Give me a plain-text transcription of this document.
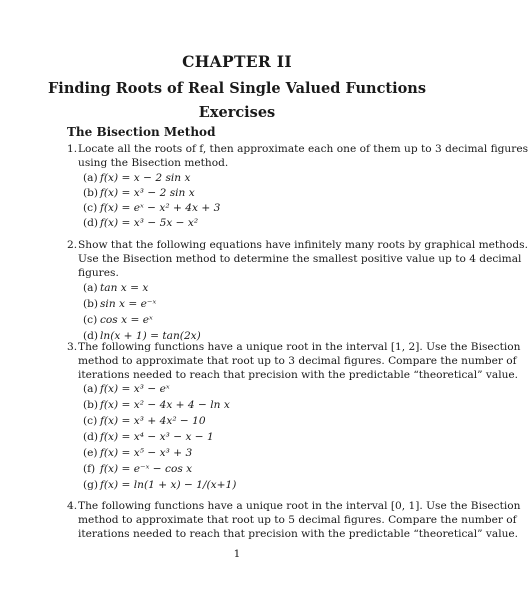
CHAPTER II
Finding Roots of Real Single Valued Functions
Exercises
The Bisection Method
1. Locate all the roots of f, then approximate each one of them up to 3 decimal figures
using the Bisection method.
(a) f(x) = x − 2 sin x
(b) f(x) = x³ − 2 sin x
(c) f(x) = eˣ − x² + 4x + 3
(d) f(x) = x³ − 5x − x²
2. Show that the following equations have infinitely many roots by graphical methods.
Use the Bisection method to determine the smallest positive value up to 4 decimal
figures.
(a) tan x = x
(b) sin x = e⁻ˣ
(c) cos x = eˣ
(d) ln(x + 1) = tan(2x)
3. The following functions have a unique root in the interval [1, 2]. Use the Bisection
method to approximate that root up to 3 decimal figures. Compare the number of
iterations needed to reach that precision with the predictable “theoretical” value.
(a) f(x) = x³ − eˣ
(b) f(x) = x² − 4x + 4 − ln x
(c) f(x) = x³ + 4x² − 10
(d) f(x) = x⁴ − x³ − x − 1
(e) f(x) = x⁵ − x³ + 3
(f) f(x) = e⁻ˣ − cos x
(g) f(x) = ln(1 + x) − 1/(x+1)
4. The following functions have a unique root in the interval [0, 1]. Use the Bisection
method to approximate that root up to 5 decimal figures. Compare the number of
iterations needed to reach that precision with the predictable “theoretical” value.
1
